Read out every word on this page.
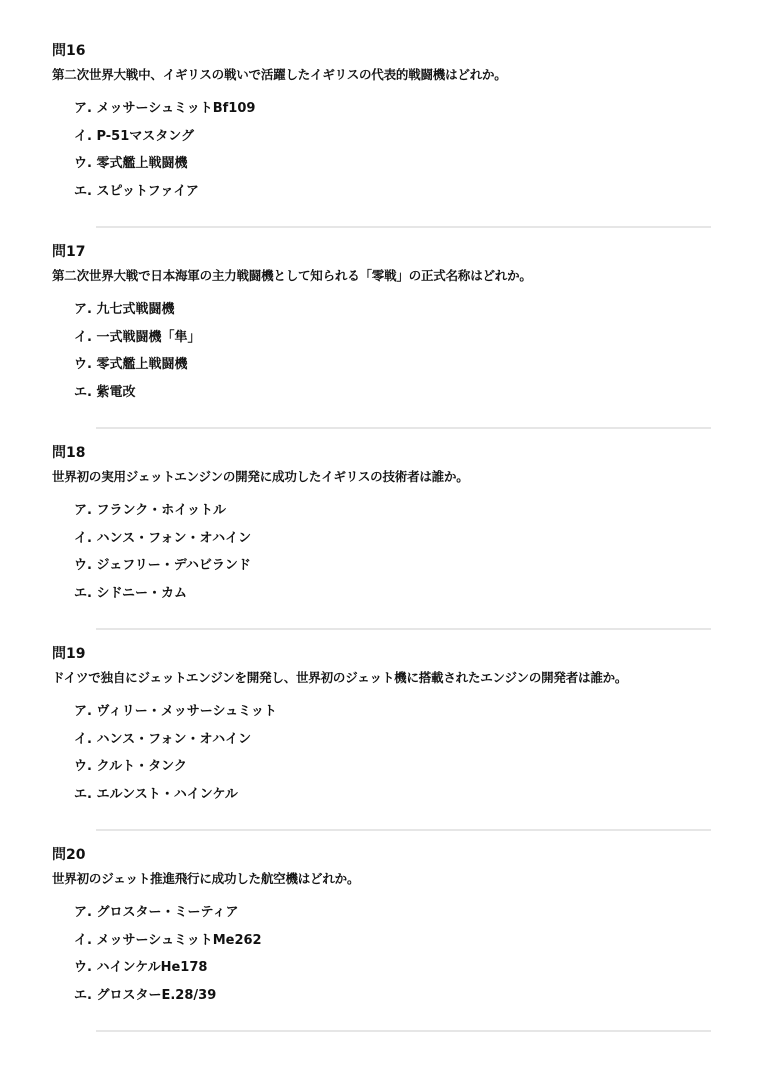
問16
第二次世界大戦中、イギリスの戦いで活躍したイギリスの代表的戦闘機はどれか。
ア. メッサーシュミットBf109
イ. P-51マスタング
ウ. 零式艦上戦闘機
エ. スピットファイア
問17
第二次世界大戦で日本海軍の主力戦闘機として知られる「零戦」の正式名称はどれか。
ア. 九七式戦闘機
イ. 一式戦闘機「隼」
ウ. 零式艦上戦闘機
エ. 紫電改
問18
世界初の実用ジェットエンジンの開発に成功したイギリスの技術者は誰か。
ア. フランク・ホイットル
イ. ハンス・フォン・オハイン
ウ. ジェフリー・デハビランド
エ. シドニー・カム
問19
ドイツで独自にジェットエンジンを開発し、世界初のジェット機に搭載されたエンジンの開発者は誰か。
ア. ヴィリー・メッサーシュミット
イ. ハンス・フォン・オハイン
ウ. クルト・タンク
エ. エルンスト・ハインケル
問20
世界初のジェット推進飛行に成功した航空機はどれか。
ア. グロスター・ミーティア
イ. メッサーシュミットMe262
ウ. ハインケルHe178
エ. グロスターE.28/39
